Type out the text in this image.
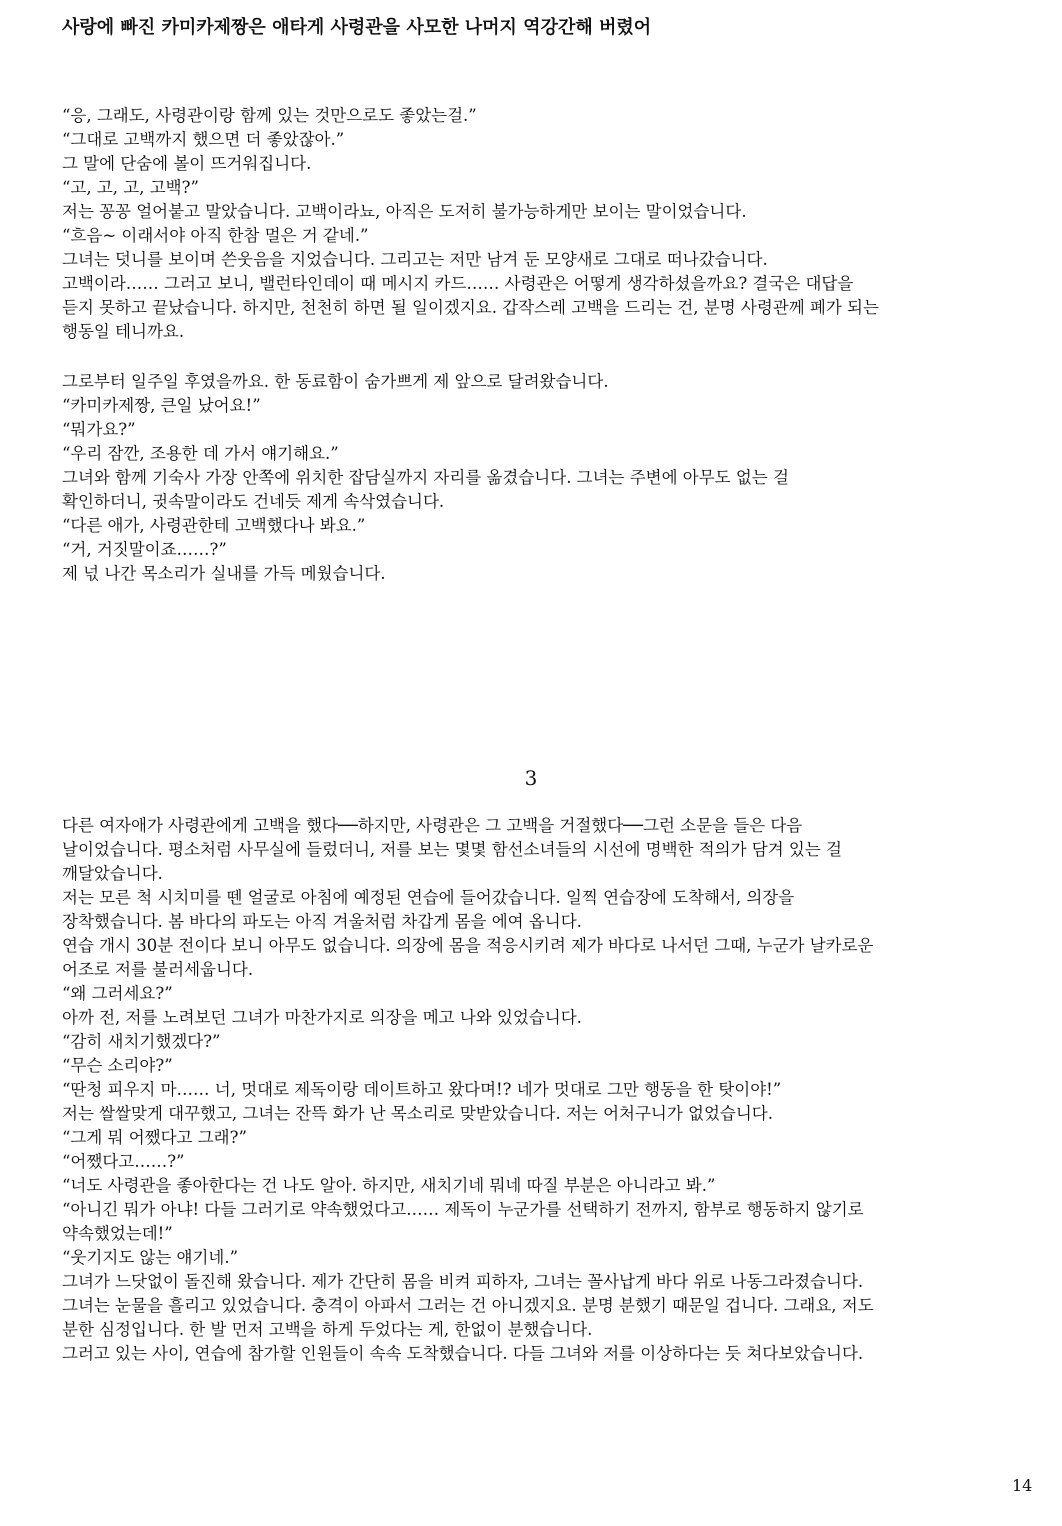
사랑에 빠진 카미카제짱은 애타게 사령관을 사모한 나머지 역강간해 버렸어

“응, 그래도, 사령관이랑 함께 있는 것만으로도 좋았는걸.”

“그대로 고백까지 했으면 더 좋았잖아.”

그 말에 단숨에 볼이 뜨거워집니다.

“고, 고, 고, 고백?”

저는 꽁꽁 얼어붙고 말았습니다. 고백이라뇨, 아직은 도저히 불가능하게만 보이는 말이었습니다.

“흐음~ 이래서야 아직 한참 멀은 거 같네.”

그녀는 덧니를 보이며 쓴웃음을 지었습니다. 그리고는 저만 남겨 둔 모양새로 그대로 떠나갔습니다.

고백이라…… 그러고 보니, 밸런타인데이 때 메시지 카드…… 사령관은 어떻게 생각하셨을까요? 결국은 대답을

듣지 못하고 끝났습니다. 하지만, 천천히 하면 될 일이겠지요. 갑작스레 고백을 드리는 건, 분명 사령관께 폐가 되는

행동일 테니까요.

그로부터 일주일 후였을까요. 한 동료함이 숨가쁘게 제 앞으로 달려왔습니다.

“카미카제짱, 큰일 났어요!”

“뭐가요?”

“우리 잠깐, 조용한 데 가서 얘기해요.”

그녀와 함께 기숙사 가장 안쪽에 위치한 잡담실까지 자리를 옮겼습니다. 그녀는 주변에 아무도 없는 걸

확인하더니, 귓속말이라도 건네듯 제게 속삭였습니다.

“다른 애가, 사령관한테 고백했다나 봐요.”

“거, 거짓말이죠……?”

제 넋 나간 목소리가 실내를 가득 메웠습니다.

3

다른 여자애가 사령관에게 고백을 했다──하지만, 사령관은 그 고백을 거절했다──그런 소문을 들은 다음

날이었습니다. 평소처럼 사무실에 들렀더니, 저를 보는 몇몇 함선소녀들의 시선에 명백한 적의가 담겨 있는 걸

깨달았습니다.

저는 모른 척 시치미를 뗀 얼굴로 아침에 예정된 연습에 들어갔습니다. 일찍 연습장에 도착해서, 의장을

장착했습니다. 봄 바다의 파도는 아직 겨울처럼 차갑게 몸을 에여 옵니다.

연습 개시 30분 전이다 보니 아무도 없습니다. 의장에 몸을 적응시키려 제가 바다로 나서던 그때, 누군가 날카로운

어조로 저를 불러세웁니다.

“왜 그러세요?”

아까 전, 저를 노려보던 그녀가 마찬가지로 의장을 메고 나와 있었습니다.

“감히 새치기했겠다?”

“무슨 소리야?”

“딴청 피우지 마…… 너, 멋대로 제독이랑 데이트하고 왔다며!? 네가 멋대로 그만 행동을 한 탓이야!”

저는 쌀쌀맞게 대꾸했고, 그녀는 잔뜩 화가 난 목소리로 맞받았습니다. 저는 어처구니가 없었습니다.

“그게 뭐 어쨌다고 그래?”

“어쨌다고……?”

“너도 사령관을 좋아한다는 건 나도 알아. 하지만, 새치기네 뭐네 따질 부분은 아니라고 봐.”

“아니긴 뭐가 아냐! 다들 그러기로 약속했었다고…… 제독이 누군가를 선택하기 전까지, 함부로 행동하지 않기로

약속했었는데!”

“웃기지도 않는 얘기네.”

그녀가 느닷없이 돌진해 왔습니다. 제가 간단히 몸을 비켜 피하자, 그녀는 꼴사납게 바다 위로 나동그라졌습니다.

그녀는 눈물을 흘리고 있었습니다. 충격이 아파서 그러는 건 아니겠지요. 분명 분했기 때문일 겁니다. 그래요, 저도

분한 심정입니다. 한 발 먼저 고백을 하게 두었다는 게, 한없이 분했습니다.

그러고 있는 사이, 연습에 참가할 인원들이 속속 도착했습니다. 다들 그녀와 저를 이상하다는 듯 쳐다보았습니다.

14
